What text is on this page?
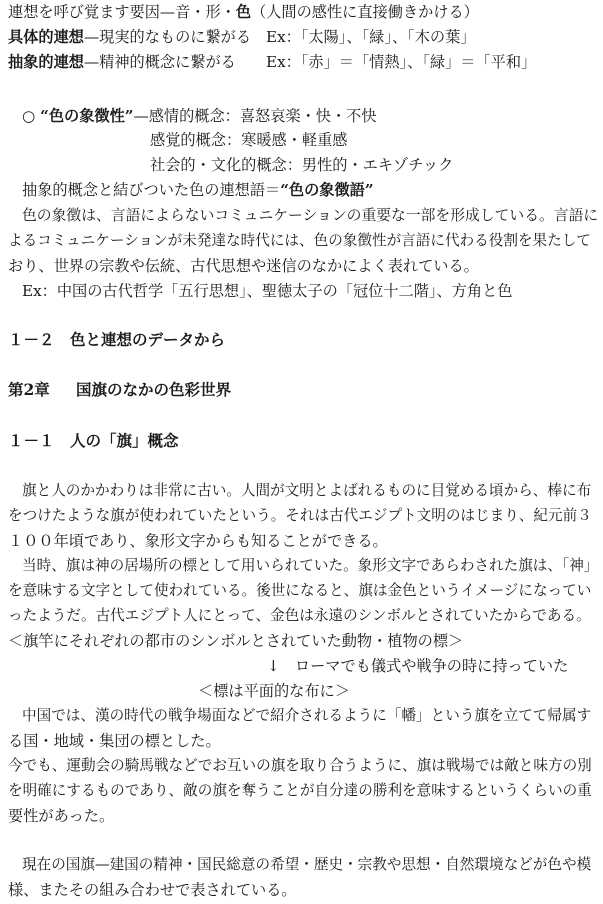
連想を呼び覚ます要因—音・形・色（人間の感性に直接働きかける）
具体的連想—現実的なものに繋がる Ex：「太陽」、「緑」、「木の葉」
抽象的連想—精神的概念に繋がる Ex：「赤」＝「情熱」、「緑」＝「平和」
○ “色の象徴性”—感情的概念：喜怒哀楽・快・不快
感覚的概念：寒暖感・軽重感
社会的・文化的概念：男性的・エキゾチック
抽象的概念と結びついた色の連想語＝“色の象徴語”
色の象徴は、言語によらないコミュニケーションの重要な一部を形成している。言語に
よるコミュニケーションが未発達な時代には、色の象徴性が言語に代わる役割を果たして
おり、世界の宗教や伝統、古代思想や迷信のなかによく表れている。
Ex：中国の古代哲学「五行思想」、聖徳太子の「冠位十二階」、方角と色
１－２　色と連想のデータから
第2章 国旗のなかの色彩世界
１－１　人の「旗」概念
旗と人のかかわりは非常に古い。人間が文明とよばれるものに目覚める頃から、棒に布
をつけたような旗が使われていたという。それは古代エジプト文明のはじまり、紀元前３
１００年頃であり、象形文字からも知ることができる。
当時、旗は神の居場所の標として用いられていた。象形文字であらわされた旗は、「神」
を意味する文字として使われている。後世になると、旗は金色というイメージになってい
ったようだ。古代エジプト人にとって、金色は永遠のシンボルとされていたからである。
＜旗竿にそれぞれの都市のシンボルとされていた動物・植物の標＞
↓　ローマでも儀式や戦争の時に持っていた
＜標は平面的な布に＞
中国では、漢の時代の戦争場面などで紹介されるように「幡」という旗を立てて帰属す
る国・地域・集団の標とした。
今でも、運動会の騎馬戦などでお互いの旗を取り合うように、旗は戦場では敵と味方の別
を明確にするものであり、敵の旗を奪うことが自分達の勝利を意味するというくらいの重
要性があった。
現在の国旗—建国の精神・国民総意の希望・歴史・宗教や思想・自然環境などが色や模
様、またその組み合わせで表されている。
